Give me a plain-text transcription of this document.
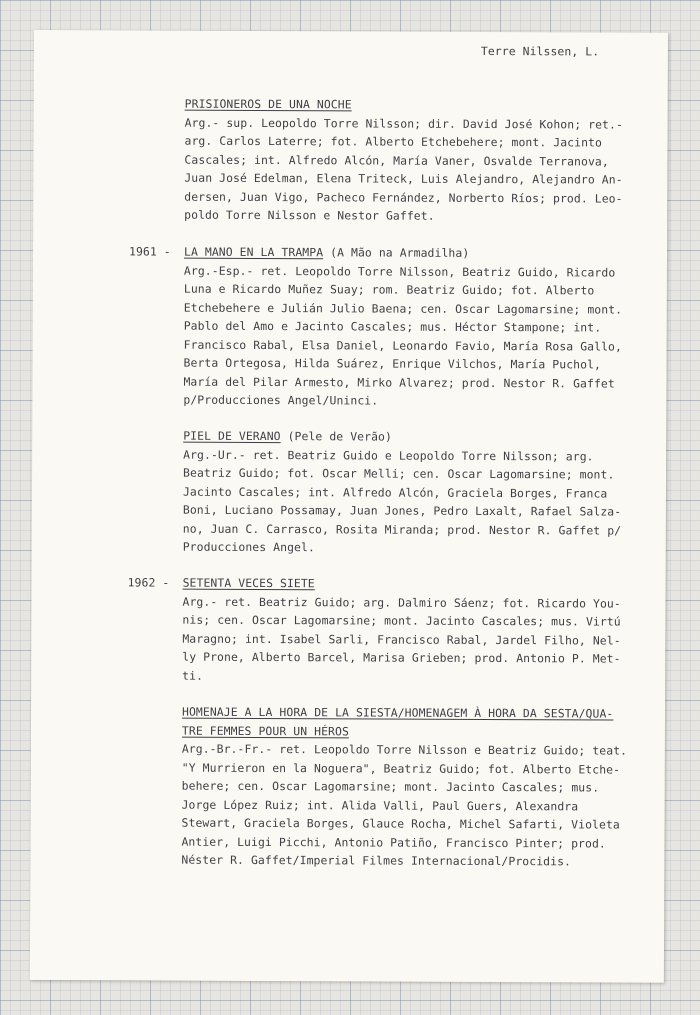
Terre Nilssen, L.
PRISIONEROS DE UNA NOCHE
Arg.- sup. Leopoldo Torre Nilsson; dir. David José Kohon; ret.-
arg. Carlos Laterre; fot. Alberto Etchebehere; mont. Jacinto
Cascales; int. Alfredo Alcón, María Vaner, Osvalde Terranova,
Juan José Edelman, Elena Triteck, Luis Alejandro, Alejandro An-
dersen, Juan Vigo, Pacheco Fernández, Norberto Ríos; prod. Leo-
poldo Torre Nilsson e Nestor Gaffet.
1961 - LA MANO EN LA TRAMPA (A Mão na Armadilha)
Arg.-Esp.- ret. Leopoldo Torre Nilsson, Beatriz Guido, Ricardo
Luna e Ricardo Muñez Suay; rom. Beatriz Guido; fot. Alberto
Etchebehere e Julián Julio Baena; cen. Oscar Lagomarsine; mont.
Pablo del Amo e Jacinto Cascales; mus. Héctor Stampone; int.
Francisco Rabal, Elsa Daniel, Leonardo Favio, María Rosa Gallo,
Berta Ortegosa, Hilda Suárez, Enrique Vilchos, María Puchol,
María del Pilar Armesto, Mirko Alvarez; prod. Nestor R. Gaffet
p/Producciones Angel/Uninci.
PIEL DE VERANO (Pele de Verão)
Arg.-Ur.- ret. Beatriz Guido e Leopoldo Torre Nilsson; arg.
Beatriz Guido; fot. Oscar Melli; cen. Oscar Lagomarsine; mont.
Jacinto Cascales; int. Alfredo Alcón, Graciela Borges, Franca
Boni, Luciano Possamay, Juan Jones, Pedro Laxalt, Rafael Salza-
no, Juan C. Carrasco, Rosita Miranda; prod. Nestor R. Gaffet p/
Producciones Angel.
1962 - SETENTA VECES SIETE
Arg.- ret. Beatriz Guido; arg. Dalmiro Sáenz; fot. Ricardo You-
nis; cen. Oscar Lagomarsine; mont. Jacinto Cascales; mus. Virtú
Maragno; int. Isabel Sarli, Francisco Rabal, Jardel Filho, Nel-
ly Prone, Alberto Barcel, Marisa Grieben; prod. Antonio P. Met-
ti.
HOMENAJE A LA HORA DE LA SIESTA/HOMENAGEM À HORA DA SESTA/QUA-
TRE FEMMES POUR UN HÉROS
Arg.-Br.-Fr.- ret. Leopoldo Torre Nilsson e Beatriz Guido; teat.
"Y Murrieron en la Noguera", Beatriz Guido; fot. Alberto Etche-
behere; cen. Oscar Lagomarsine; mont. Jacinto Cascales; mus.
Jorge López Ruiz; int. Alida Valli, Paul Guers, Alexandra
Stewart, Graciela Borges, Glauce Rocha, Michel Safarti, Violeta
Antier, Luigi Picchi, Antonio Patiño, Francisco Pinter; prod.
Néster R. Gaffet/Imperial Filmes Internacional/Procidis.
